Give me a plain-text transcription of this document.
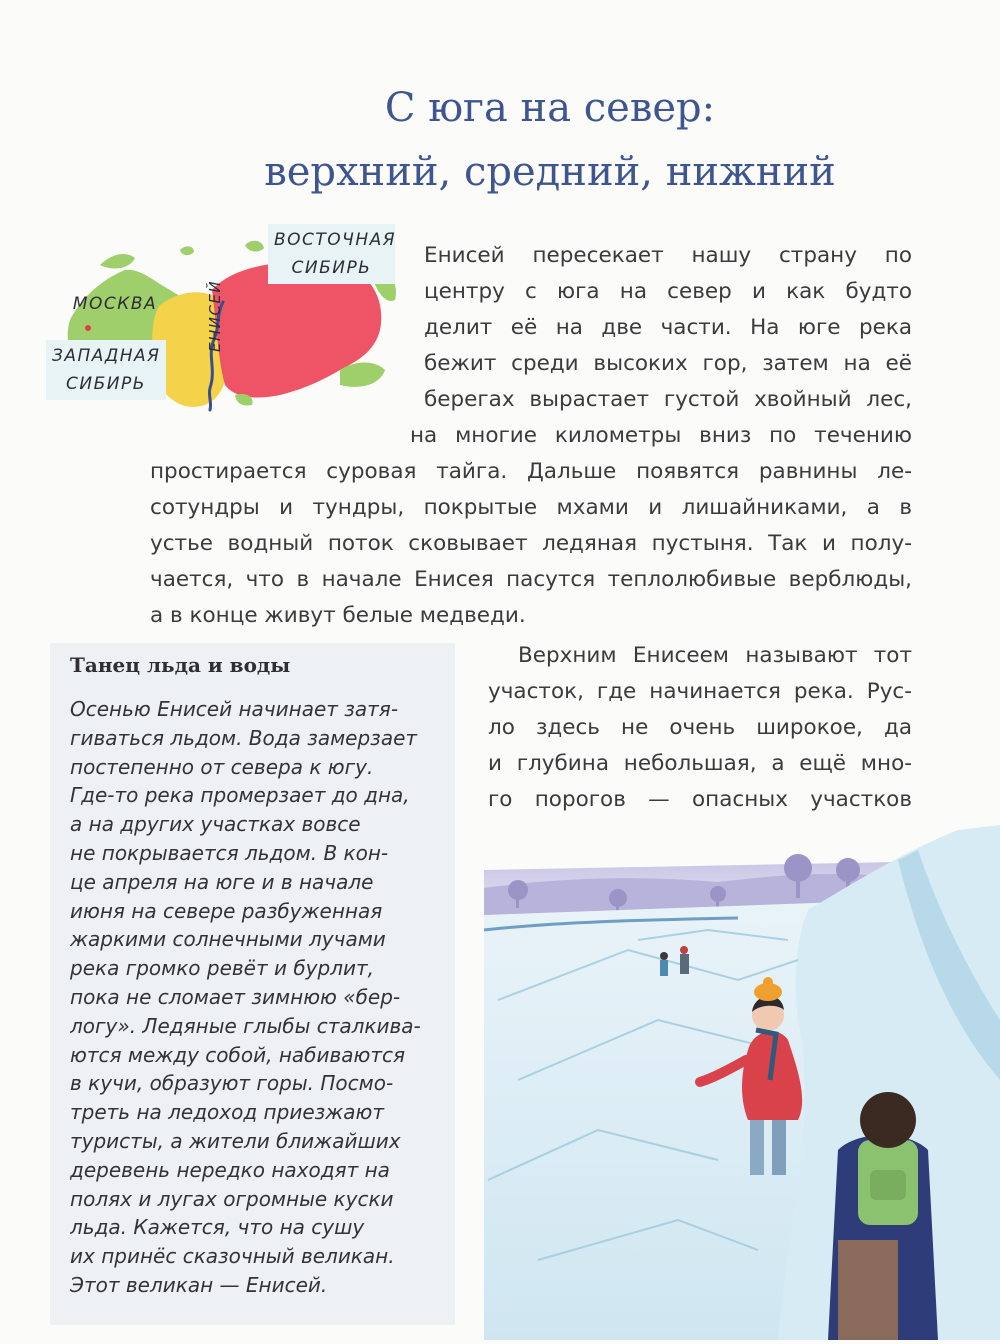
С юга на север:
верхний, средний, нижний
ВОСТОЧНАЯ
СИБИРЬ
МОСКВА
ЗАПАДНАЯ
СИБИРЬ
ЕНИСЕЙ
Енисей пересекает нашу страну по
центру с юга на север и как будто
делит её на две части. На юге река
бежит среди высоких гор, затем на её
берегах вырастает густой хвойный лес,
на многие километры вниз по течению
простирается суровая тайга. Дальше появятся равнины ле-
сотундры и тундры, покрытые мхами и лишайниками, а в
устье водный поток сковывает ледяная пустыня. Так и полу-
чается, что в начале Енисея пасутся теплолюбивые верблюды,
а в конце живут белые медведи.
Танец льда и воды
Осенью Енисей начинает затя-
гиваться льдом. Вода замерзает
постепенно от севера к югу.
Где-то река промерзает до дна,
а на других участках вовсе
не покрывается льдом. В кон-
це апреля на юге и в начале
июня на севере разбуженная
жаркими солнечными лучами
река громко ревёт и бурлит,
пока не сломает зимнюю «бер-
логу». Ледяные глыбы сталкива-
ются между собой, набиваются
в кучи, образуют горы. Посмо-
треть на ледоход приезжают
туристы, а жители ближайших
деревень нередко находят на
полях и лугах огромные куски
льда. Кажется, что на сушу
их принёс сказочный великан.
Этот великан — Енисей.
Верхним Енисеем называют тот
участок, где начинается река. Рус-
ло здесь не очень широкое, да
и глубина небольшая, а ещё мно-
го порогов — опасных участков
